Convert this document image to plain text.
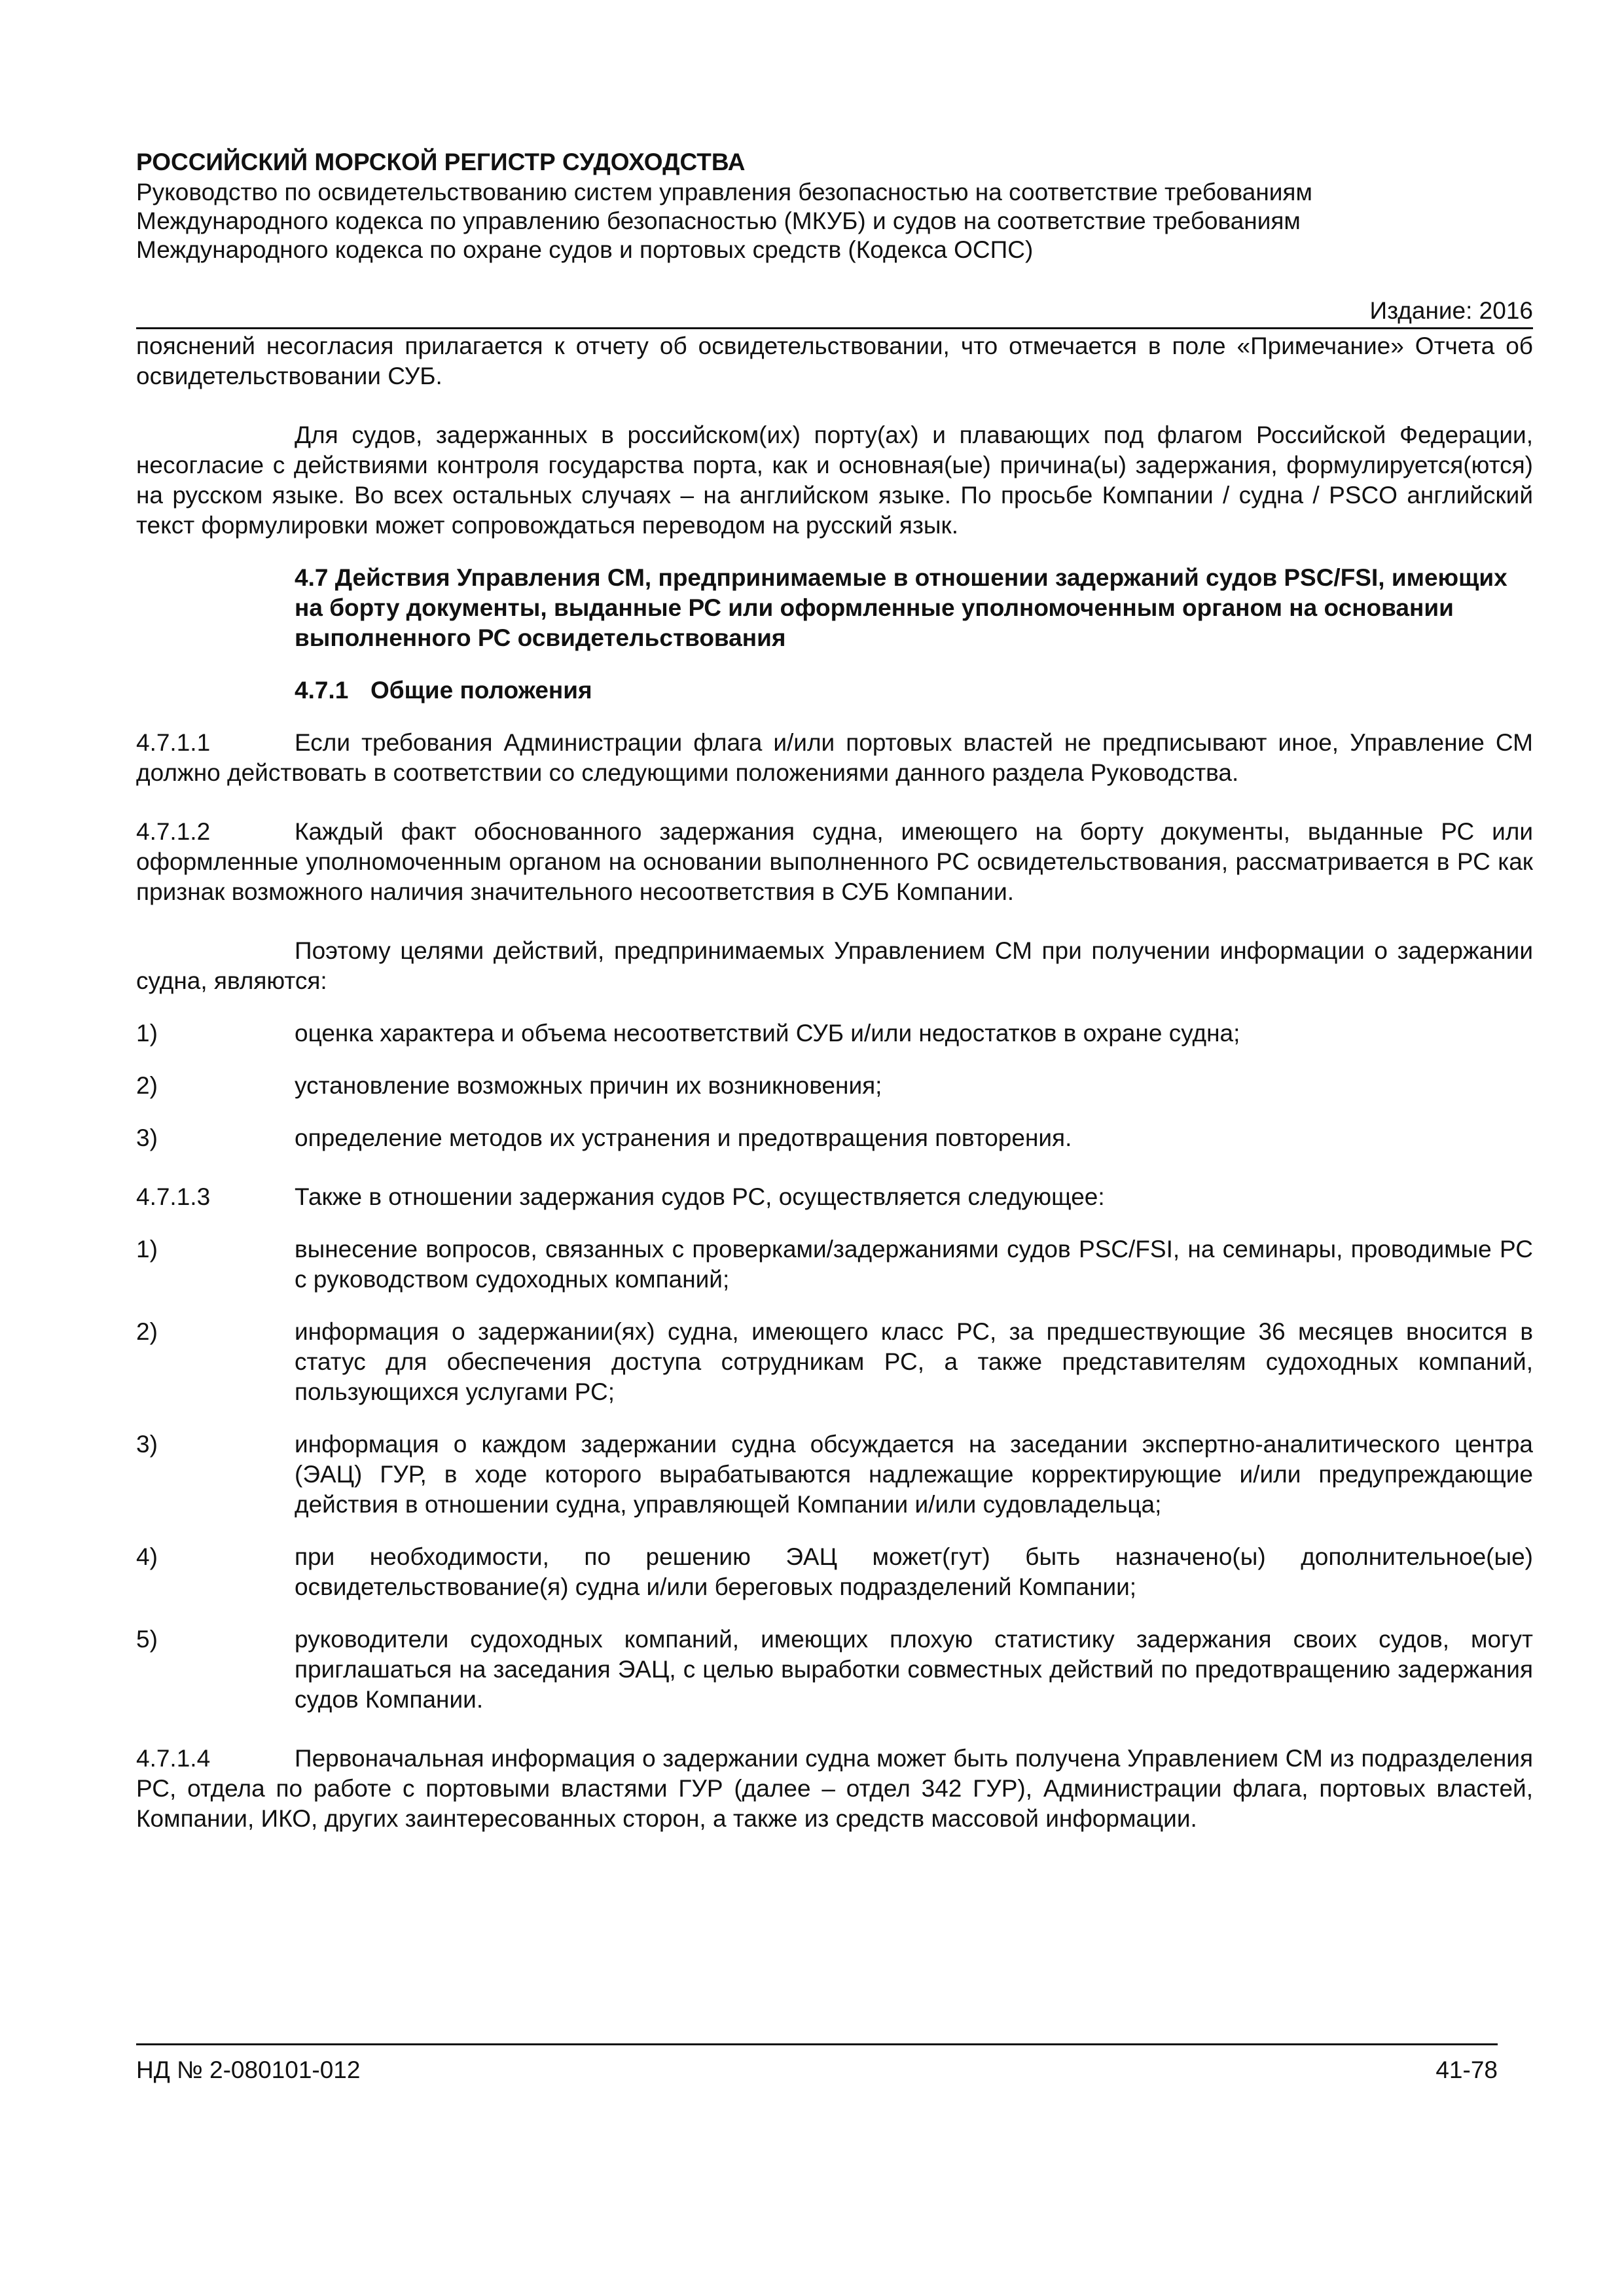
РОССИЙСКИЙ МОРСКОЙ РЕГИСТР СУДОХОДСТВА
Руководство по освидетельствованию систем управления безопасностью на соответствие требованиям
Международного кодекса по управлению безопасностью (МКУБ) и судов на соответствие требованиям
Международного кодекса по охране судов и портовых средств (Кодекса ОСПС)
Издание: 2016

пояснений несогласия прилагается к отчету об освидетельствовании, что отмечается в поле «Примечание» Отчета об освидетельствовании СУБ.

Для судов, задержанных в российском(их) порту(ах) и плавающих под флагом Российской Федерации, несогласие с действиями контроля государства порта, как и основная(ые) причина(ы) задержания, формулируется(ются) на русском языке. Во всех остальных случаях – на английском языке. По просьбе Компании / судна / PSCO английский текст формулировки может сопровождаться переводом на русский язык.

4.7 Действия Управления СМ, предпринимаемые в отношении задержаний судов PSC/FSI, имеющих на борту документы, выданные РС или оформленные уполномоченным органом на основании выполненного РС освидетельствования
4.7.1 Общие положения

4.7.1.1	Если требования Администрации флага и/или портовых властей не предписывают иное, Управление СМ должно действовать в соответствии со следующими положениями данного раздела Руководства.

4.7.1.2	Каждый факт обоснованного задержания судна, имеющего на борту документы, выданные РС или оформленные уполномоченным органом на основании выполненного РС освидетельствования, рассматривается в РС как признак возможного наличия значительного несоответствия в СУБ Компании.

Поэтому целями действий, предпринимаемых Управлением СМ при получении информации о задержании судна, являются:

1)	оценка характера и объема несоответствий СУБ и/или недостатков в охране судна;
2)	установление возможных причин их возникновения;
3)	определение методов их устранения и предотвращения повторения.

4.7.1.3	Также в отношении задержания судов РС, осуществляется следующее:

1)	вынесение вопросов, связанных с проверками/задержаниями судов PSC/FSI, на семинары, проводимые РС с руководством судоходных компаний;
2)	информация о задержании(ях) судна, имеющего класс РС, за предшествующие 36 месяцев вносится в статус для обеспечения доступа сотрудникам РС, а также представителям судоходных компаний, пользующихся услугами РС;
3)	информация о каждом задержании судна обсуждается на заседании экспертно-аналитического центра (ЭАЦ) ГУР, в ходе которого вырабатываются надлежащие корректирующие и/или предупреждающие действия в отношении судна, управляющей Компании и/или судовладельца;
4)	при необходимости, по решению ЭАЦ может(гут) быть назначено(ы) дополнительное(ые) освидетельствование(я) судна и/или береговых подразделений Компании;
5)	руководители судоходных компаний, имеющих плохую статистику задержания своих судов, могут приглашаться на заседания ЭАЦ, с целью выработки совместных действий по предотвращению задержания судов Компании.

4.7.1.4	Первоначальная информация о задержании судна может быть получена Управлением СМ из подразделения РС, отдела по работе с портовыми властями ГУР (далее – отдел 342 ГУР), Администрации флага, портовых властей, Компании, ИКО, других заинтересованных сторон, а также из средств массовой информации.

НД № 2-080101-012	41-78
